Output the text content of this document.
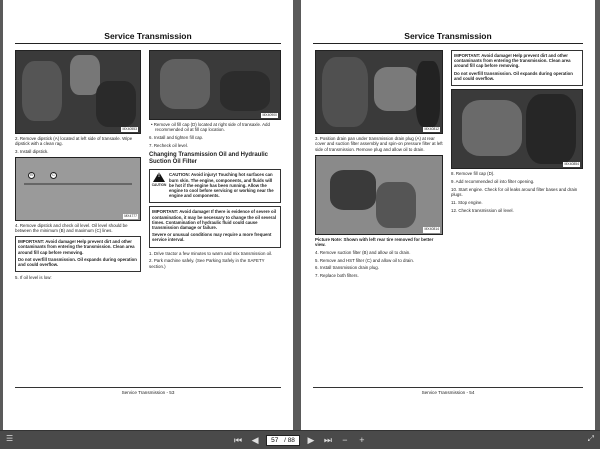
Service Transmission
MX40553

2. Remove dipstick (A) located at left side of transaxle. Wipe dipstick with a clean rag.

3. Install dipstick.

B	C
MX4777

4. Remove dipstick and check oil level. Oil level should be between the minimum (B) and maximum (C) lines.

IMPORTANT: Avoid damage! Help prevent dirt and other contaminants from entering the transmission. Clean area around fill cap before removing.

Do not overfill transmission. Oil expands during operation and could overflow.

5. If oil level is low:

MX40900

• Remove oil fill cap (D) located at right side of transaxle. Add recommended oil at fill cap location.

6. Install and tighten fill cap.

7. Recheck oil level.

Changing Transmission Oil and Hydraulic Suction Oil Filter
!
CAUTION

CAUTION: Avoid injury! Touching hot surfaces can burn skin. The engine, components, and fluids will be hot if the engine has been running. Allow the engine to cool before servicing or working near the engine and components.

IMPORTANT: Avoid damage! If there is evidence of severe oil contamination, it may be necessary to change the oil several times. Contamination of hydraulic fluid could cause transmission damage or failure.

Severe or unusual conditions may require a more frequent service interval.

1. Drive tractor a few minutes to warm and mix transmission oil.

2. Park machine safely. (See Parking Safely in the SAFETY section.)

Service Transmission - 53
Service Transmission
MX40812

3. Position drain pan under transmission drain plug (A) at rear cover and suction filter assembly and spin-on pressure filter at left side of transmission. Remove plug and allow oil to drain.

MX40814

Picture Note: Shown with left rear tire removed for better view.

4. Remove suction filter (B) and allow oil to drain.

5. Remove and HST filter (C) and allow oil to drain.

6. Install transmission drain plug.

7. Replace both filters.

IMPORTANT: Avoid damage! Help prevent dirt and other contaminants from entering the transmission. Clean area around fill cap before removing.

Do not overfill transmission. Oil expands during operation and could overflow.

MX40854

8. Remove fill cap (D).

9. Add recommended oil into filter opening.

10. Start engine. Check for oil leaks around filter bases and drain plugs.

11. Stop engine.

12. Check transmission oil level.

Service Transmission - 54
☰	⏮ ◀
57	/ 88 ▶ ⏭	−	+	⤢
